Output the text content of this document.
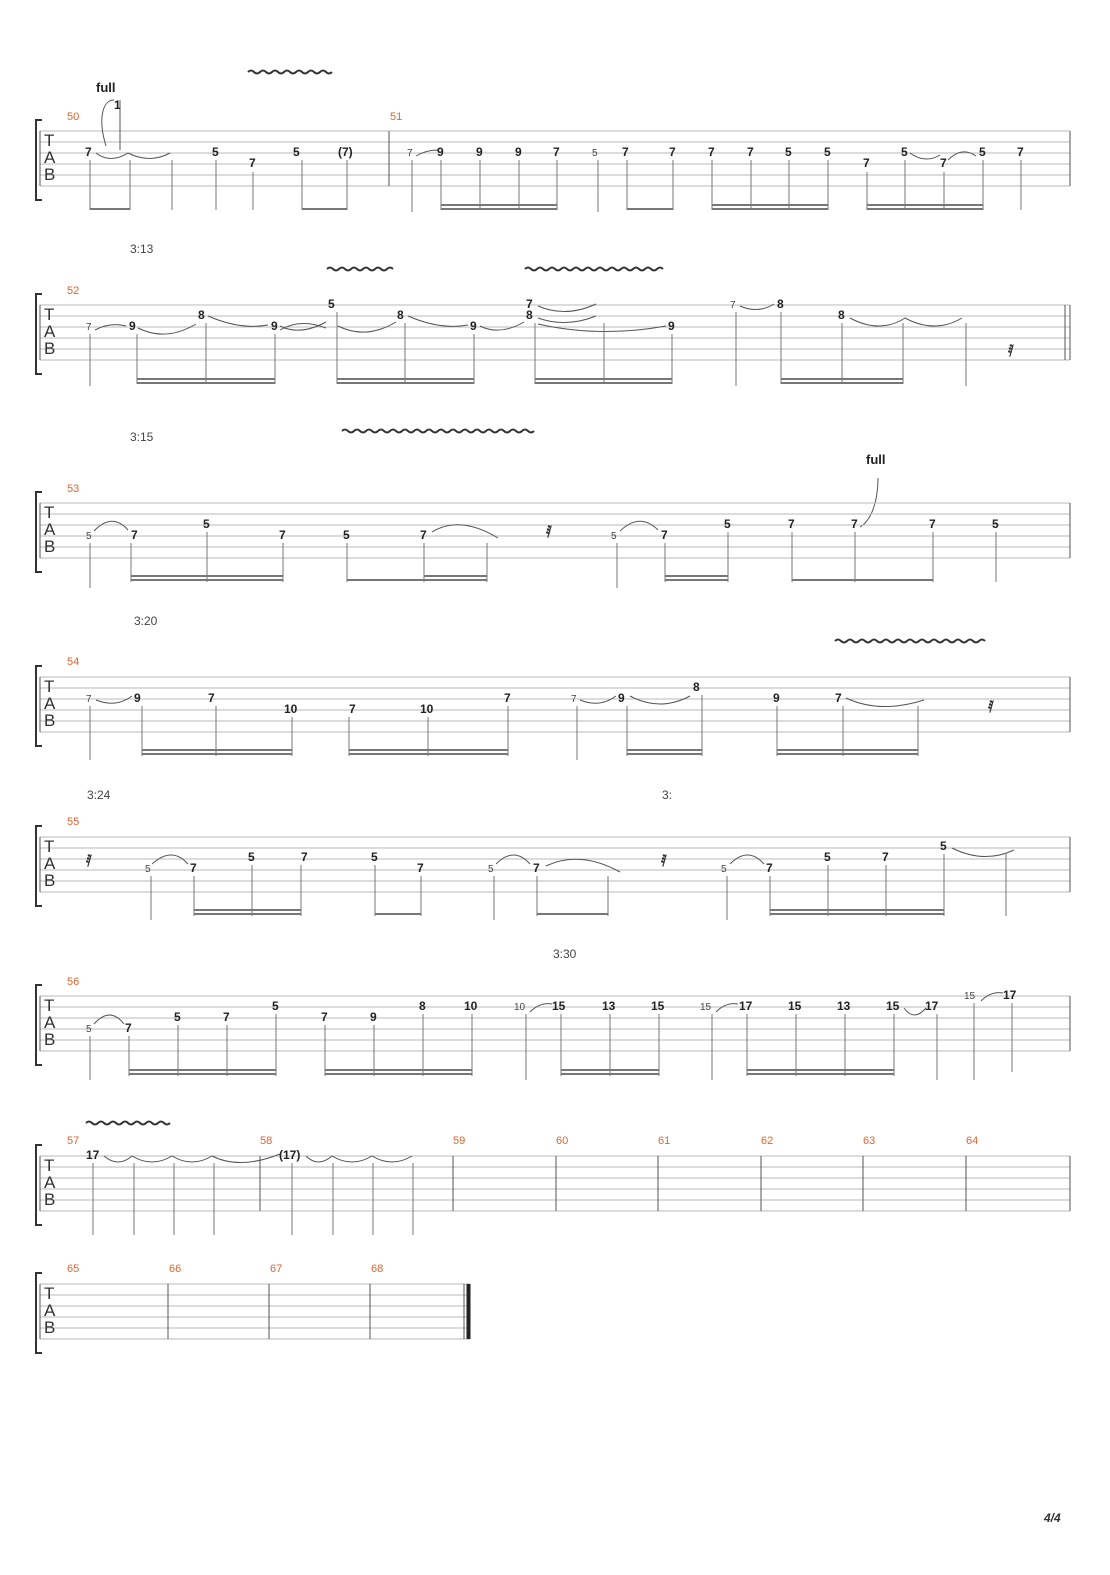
T
A
B
50	51
full
7
1
5
7
5	(7)	7 9	9	9	7	5 7	7	7	7	5	5
7
5
7
5	7
3:13
T
A
B
52
7	9
8
9
5
8
9
8
7
9
7	8
8
𝅀
3:15
full
T
A
B
53
5	7
5
7	5	7	𝅀	5	7
5	7	7	7	5
3:20
T
A
B
54
7	9	7
10	7	10
7	7	9
8
9	7
𝅀
3:24	3:
T
A
B
55
𝅀	5	7
5	7	5
7	5	7	𝅀	5	7
5	7
5
3:30
T
A
B
56
5	7
5	7
5
7	9
8	10	10 15	13	15	15 17	15	13	15 17
15 17
T
A
B
57	58	59	60	61	62	63	64
17	(17)
T
A
B
65	66	67	68
4/4
